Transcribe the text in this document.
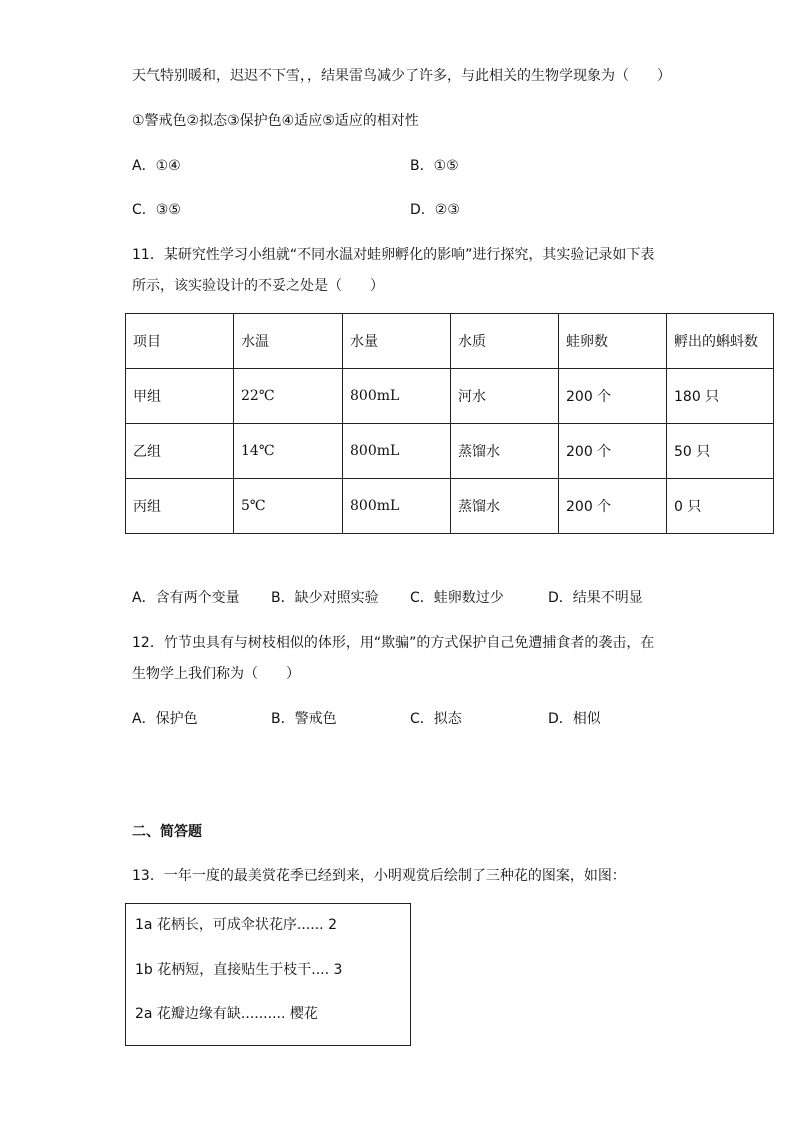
天气特别暖和，迟迟不下雪，，结果雷鸟减少了许多，与此相关的生物学现象为（　　）
①警戒色②拟态③保护色④适应⑤适应的相对性
A．①④	B．①⑤
C．③⑤	D．②③
11．某研究性学习小组就“不同水温对蛙卵孵化的影响”进行探究，其实验记录如下表
所示，该实验设计的不妥之处是（　　）
项目	水温	水量	水质	蛙卵数	孵出的蝌蚪数
甲组	22℃	800mL	河水	200 个	180 只
乙组	14℃	800mL	蒸馏水	200 个	50 只
丙组	5℃	800mL	蒸馏水	200 个	0 只
A．含有两个变量 B．缺少对照实验 C．蛙卵数过少	D．结果不明显
12．竹节虫具有与树枝相似的体形，用“欺骗”的方式保护自己免遭捕食者的袭击，在
生物学上我们称为（　　）
A．保护色	B．警戒色	C．拟态	D．相似
二、简答题
13．一年一度的最美赏花季已经到来，小明观赏后绘制了三种花的图案，如图：
1a 花柄长，可成伞状花序...... 2
1b 花柄短，直接贴生于枝干.... 3
2a 花瓣边缘有缺.......... 樱花
